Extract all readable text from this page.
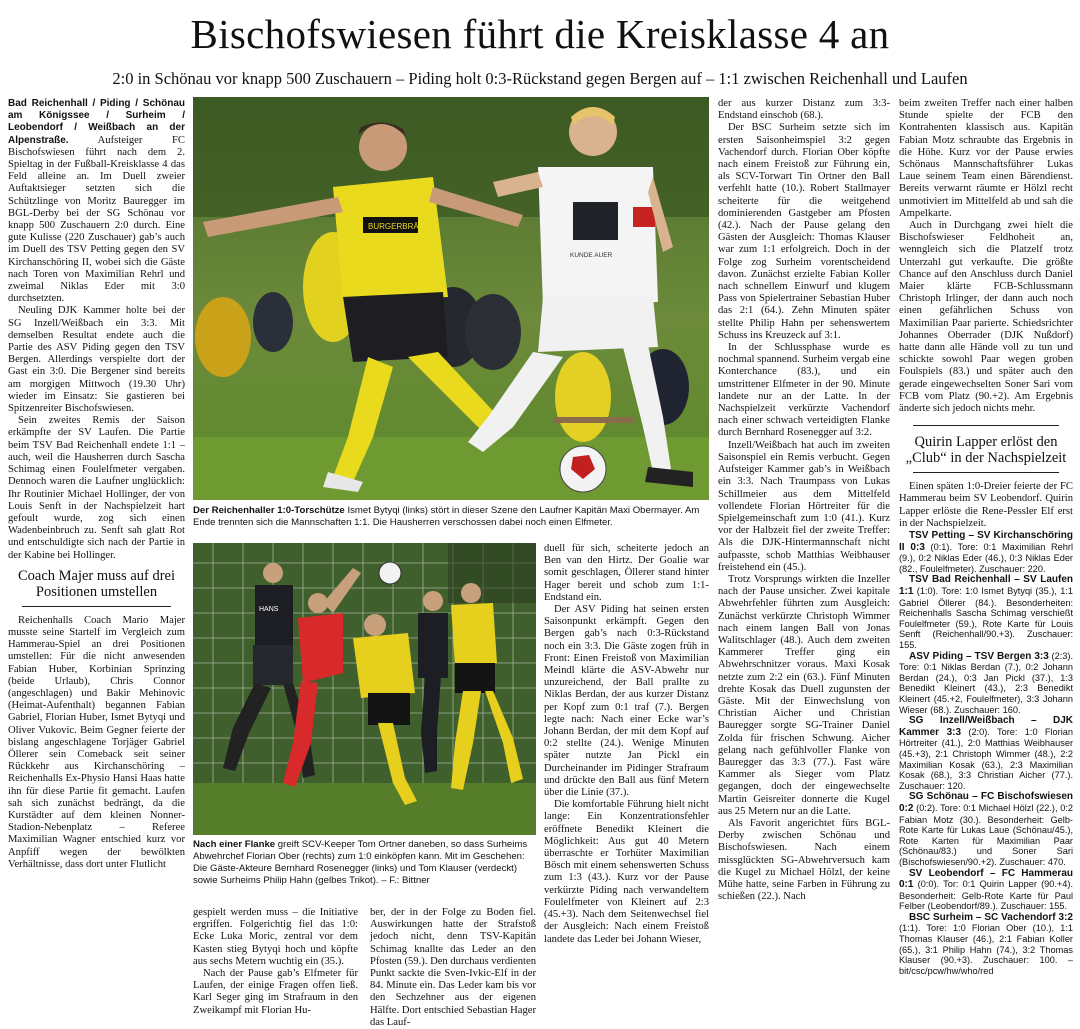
Bischofswiesen führt die Kreisklasse 4 an
2:0 in Schönau vor knapp 500 Zuschauern – Piding holt 0:3-Rückstand gegen Bergen auf – 1:1 zwischen Reichenhall und Laufen

Bad Reichenhall / Piding / Schönau am Königssee / Surheim / Leobendorf / Weißbach an der Alpenstraße. Aufsteiger FC Bischofswiesen führt nach dem 2. Spieltag in der Fußball-Kreisklasse 4 das Feld alleine an. Im Duell zweier Auftaktsieger setzten sich die Schützlinge von Moritz Bauregger im BGL-Derby bei der SG Schönau vor knapp 500 Zuschauern 2:0 durch. Eine gute Kulisse (220 Zuschauer) gab’s auch im Duell des TSV Petting gegen den SV Kirchanschöring II, wobei sich die Gäste nach Toren von Maximilian Rehrl und zweimal Niklas Eder mit 3:0 durchsetzten.

Neuling DJK Kammer holte bei der SG Inzell/Weißbach ein 3:3. Mit demselben Resultat endete auch die Partie des ASV Piding gegen den TSV Bergen. Allerdings verspielte dort der Gast ein 3:0. Die Bergener sind bereits am morgigen Mittwoch (19.30 Uhr) wieder im Einsatz: Sie gastieren bei Spitzenreiter Bischofswiesen.

Sein zweites Remis der Saison erkämpfte der SV Laufen. Die Partie beim TSV Bad Reichenhall endete 1:1 – auch, weil die Hausherren durch Sascha Schimag einen Foulelfmeter vergaben. Dennoch waren die Laufner unglücklich: Ihr Routinier Michael Hollinger, der von Louis Senft in der Nachspielzeit hart gefoult wurde, zog sich einen Wadenbeinbruch zu. Senft sah glatt Rot und entschuldigte sich nach der Partie in der Kabine bei Hollinger.

Coach Majer muss auf drei Positionen umstellen

Reichenhalls Coach Mario Majer musste seine Startelf im Vergleich zum Hammerau-Spiel an drei Positionen umstellen: Für die nicht anwesenden Fabian Huber, Korbinian Sprinzing (beide Urlaub), Chris Connor (angeschlagen) und Bakir Mehinovic (Heimat-Aufenthalt) begannen Fabian Gabriel, Florian Huber, Ismet Bytyqi und Oliver Vukovic. Beim Gegner feierte der bislang angeschlagene Torjäger Gabriel Öllerer sein Comeback seit seiner Rückkehr aus Kirchanschöring – Reichenhalls Ex-Physio Hansi Haas hatte ihn für diese Partie fit gemacht. Laufen sah sich zunächst bedrängt, da die Kurstädter auf dem kleinen Nonner-Stadion-Nebenplatz – Referee Maximilian Wagner entschied kurz vor Anpfiff wegen der bewölkten Verhältnisse, dass dort unter Flutlicht

BURGERBRÄU
KUNDE AUER
Der Reichenhaller 1:0-Torschütze Ismet Bytyqi (links) stört in dieser Szene den Laufner Kapitän Maxi Obermayer. Am Ende trennten sich die Mannschaften 1:1. Die Hausherren verschossen dabei noch einen Elfmeter.
HANS
Nach einer Flanke greift SCV-Keeper Tom Ortner daneben, so dass Surheims Abwehrchef Florian Ober (rechts) zum 1:0 einköpfen kann. Mit im Geschehen: Die Gäste-Akteure Bernhard Rosenegger (links) und Tom Klauser (verdeckt) sowie Surheims Philip Hahn (gelbes Trikot). – F.: Bittner

gespielt werden muss – die Initiative ergriffen. Folgerichtig fiel das 1:0: Ecke Luka Moric, zentral vor dem Kasten stieg Bytyqi hoch und köpfte aus sechs Metern wuchtig ein (35.).

Nach der Pause gab’s Elfmeter für Laufen, der einige Fragen offen ließ. Karl Seger ging im Strafraum in den Zweikampf mit Florian Hu-

ber, der in der Folge zu Boden fiel. Auswirkungen hatte der Strafstoß jedoch nicht, denn TSV-Kapitän Schimag knallte das Leder an den Pfosten (59.). Den durchaus verdienten Punkt sackte die Sven-Ivkic-Elf in der 84. Minute ein. Das Leder kam bis vor den Sechzehner aus der eigenen Hälfte. Dort entschied Sebastian Hager das Lauf-

duell für sich, scheiterte jedoch an Ben van den Hirtz. Der Goalie war somit geschlagen, Öllerer stand hinter Hager bereit und schob zum 1:1-Endstand ein.

Der ASV Piding hat seinen ersten Saisonpunkt erkämpft. Gegen den Bergen gab’s nach 0:3-Rückstand noch ein 3:3. Die Gäste zogen früh in Front: Einen Freistoß von Maximilian Meindl klärte die ASV-Abwehr nur unzureichend, der Ball prallte zu Niklas Berdan, der aus kurzer Distanz per Kopf zum 0:1 traf (7.). Bergen legte nach: Nach einer Ecke war’s Johann Berdan, der mit dem Kopf auf 0:2 stellte (24.). Wenige Minuten später nutzte Jan Pickl ein Durcheinander im Pidinger Strafraum und drückte den Ball aus fünf Metern über die Linie (37.).

Die komfortable Führung hielt nicht lange: Ein Konzentrationsfehler eröffnete Benedikt Kleinert die Möglichkeit: Aus gut 40 Metern überraschte er Torhüter Maximilian Bösch mit einem sehenswerten Schuss zum 1:3 (43.). Kurz vor der Pause verkürzte Piding nach verwandeltem Foulelfmeter von Kleinert auf 2:3 (45.+3). Nach dem Seitenwechsel fiel der Ausgleich: Nach einem Freistoß landete das Leder bei Johann Wieser,

der aus kurzer Distanz zum 3:3-Endstand einschob (68.).

Der BSC Surheim setzte sich im ersten Saisonheimspiel 3:2 gegen Vachendorf durch. Florian Ober köpfte nach einem Freistoß zur Führung ein, als SCV-Torwart Tin Ortner den Ball verfehlt hatte (10.). Robert Stallmayer scheiterte für die weitgehend dominierenden Gastgeber am Pfosten (42.). Nach der Pause gelang den Gästen der Ausgleich: Thomas Klauser war zum 1:1 erfolgreich. Doch in der Folge zog Surheim vorentscheidend davon. Zunächst erzielte Fabian Koller nach schnellem Einwurf und klugem Pass von Spielertrainer Sebastian Huber das 2:1 (64.). Zehn Minuten später stellte Philip Hahn per sehenswertem Schuss ins Kreuzeck auf 3:1.

In der Schlussphase wurde es nochmal spannend. Surheim vergab eine Konterchance (83.), und ein umstrittener Elfmeter in der 90. Minute landete nur an der Latte. In der Nachspielzeit verkürzte Vachendorf nach einer schwach verteidigten Flanke durch Bernhard Rosenegger auf 3:2.

Inzell/Weißbach hat auch im zweiten Saisonspiel ein Remis verbucht. Gegen Aufsteiger Kammer gab’s in Weißbach ein 3:3. Nach Traumpass von Lukas Schillmeier aus dem Mittelfeld vollendete Florian Hörtreiter für die Spielgemeinschaft zum 1:0 (41.). Kurz vor der Halbzeit fiel der zweite Treffer: Als die DJK-Hintermannschaft nicht aufpasste, schob Matthias Weibhauser freistehend ein (45.).

Trotz Vorsprungs wirkten die Inzeller nach der Pause unsicher. Zwei kapitale Abwehrfehler führten zum Ausgleich: Zunächst verkürzte Christoph Wimmer nach einem langen Ball von Jonas Walitschlager (48.). Auch dem zweiten Kammerer Treffer ging ein Abwehrschnitzer voraus. Maxi Kosak netzte zum 2:2 ein (63.). Fünf Minuten drehte Kosak das Duell zugunsten der Gäste. Mit der Einwechslung von Christian Aicher und Christian Bauregger sorgte SG-Trainer Daniel Zolda für frischen Schwung. Aicher gelang nach gefühlvoller Flanke von Bauregger das 3:3 (77.). Fast wäre Kammer als Sieger vom Platz gegangen, doch der eingewechselte Martin Geisreiter donnerte die Kugel aus 25 Metern nur an die Latte.

Als Favorit angerichtet fürs BGL-Derby zwischen Schönau und Bischofswiesen. Nach einem missglückten SG-Abwehrversuch kam die Kugel zu Michael Hölzl, der keine Mühe hatte, seine Farben in Führung zu schießen (22.). Nach

beim zweiten Treffer nach einer halben Stunde spielte der FCB den Kontrahenten klassisch aus. Kapitän Fabian Motz schraubte das Ergebnis in die Höhe. Kurz vor der Pause erwies Schönaus Mannschaftsführer Lukas Laue seinem Team einen Bärendienst. Bereits verwarnt räumte er Hölzl recht unmotiviert im Mittelfeld ab und sah die Ampelkarte.

Auch in Durchgang zwei hielt die Bischofswieser Feldhoheit an, wenngleich sich die Platzelf trotz Unterzahl gut verkaufte. Die größte Chance auf den Anschluss durch Daniel Maier klärte FCB-Schlussmann Christoph Irlinger, der dann auch noch einen gefährlichen Schuss von Maximilian Paar parierte. Schiedsrichter Johannes Oberrader (DJK Nußdorf) hatte dann alle Hände voll zu tun und schickte sowohl Paar wegen groben Foulspiels (83.) und später auch den gerade eingewechselten Soner Sari vom FCB vom Platz (90.+2). Am Ergebnis änderte sich jedoch nichts mehr.

Quirin Lapper erlöst den „Club“ in der Nachspielzeit

Einen späten 1:0-Dreier feierte der FC Hammerau beim SV Leobendorf. Quirin Lapper erlöste die Rene-Pessler Elf erst in der Nachspielzeit.

TSV Petting – SV Kirchanschöring II 0:3 (0:1). Tore: 0:1 Maximilian Rehrl (9.), 0:2 Niklas Eder (46.), 0:3 Niklas Eder (82., Foulelfmeter). Zuschauer: 220.

TSV Bad Reichenhall – SV Laufen 1:1 (1:0). Tore: 1:0 Ismet Bytyqi (35.), 1:1 Gabriel Öllerer (84.). Besonderheiten: Reichenhalls Sascha Schimag verschießt Foulelfmeter (59.), Rote Karte für Louis Senft (Reichenhall/90.+3). Zuschauer: 155.

ASV Piding – TSV Bergen 3:3 (2:3). Tore: 0:1 Niklas Berdan (7.), 0:2 Johann Berdan (24.), 0:3 Jan Pickl (37.), 1:3 Benedikt Kleinert (43.), 2:3 Benedikt Kleinert (45.+2, Foulelfmeter), 3:3 Johann Wieser (68.). Zuschauer: 160.

SG Inzell/Weißbach – DJK Kammer 3:3 (2:0). Tore: 1:0 Florian Hörtreiter (41.), 2:0 Matthias Weibhauser (45.+3), 2:1 Christoph Wimmer (48.), 2:2 Maximilian Kosak (63.), 2:3 Maximilian Kosak (68.), 3:3 Christian Aicher (77.). Zuschauer: 120.

SG Schönau – FC Bischofswiesen 0:2 (0:2). Tore: 0:1 Michael Hölzl (22.), 0:2 Fabian Motz (30.). Besonderheit: Gelb-Rote Karte für Lukas Laue (Schönau/45.), Rote Karten für Maximilian Paar (Schönau/83.) und Soner Sari (Bischofswiesen/90.+2). Zuschauer: 470.

SV Leobendorf – FC Hammerau 0:1 (0:0). Tor: 0:1 Quirin Lapper (90.+4). Besonderheit: Gelb-Rote Karte für Paul Felber (Leobendorf/89.). Zuschauer: 155.

BSC Surheim – SC Vachendorf 3:2 (1:1). Tore: 1:0 Florian Ober (10.), 1:1 Thomas Klauser (46.), 2:1 Fabian Koller (65.), 3:1 Philip Hahn (74.), 3:2 Thomas Klauser (90.+3). Zuschauer: 100. – bit/csc/pcw/hw/who/red
